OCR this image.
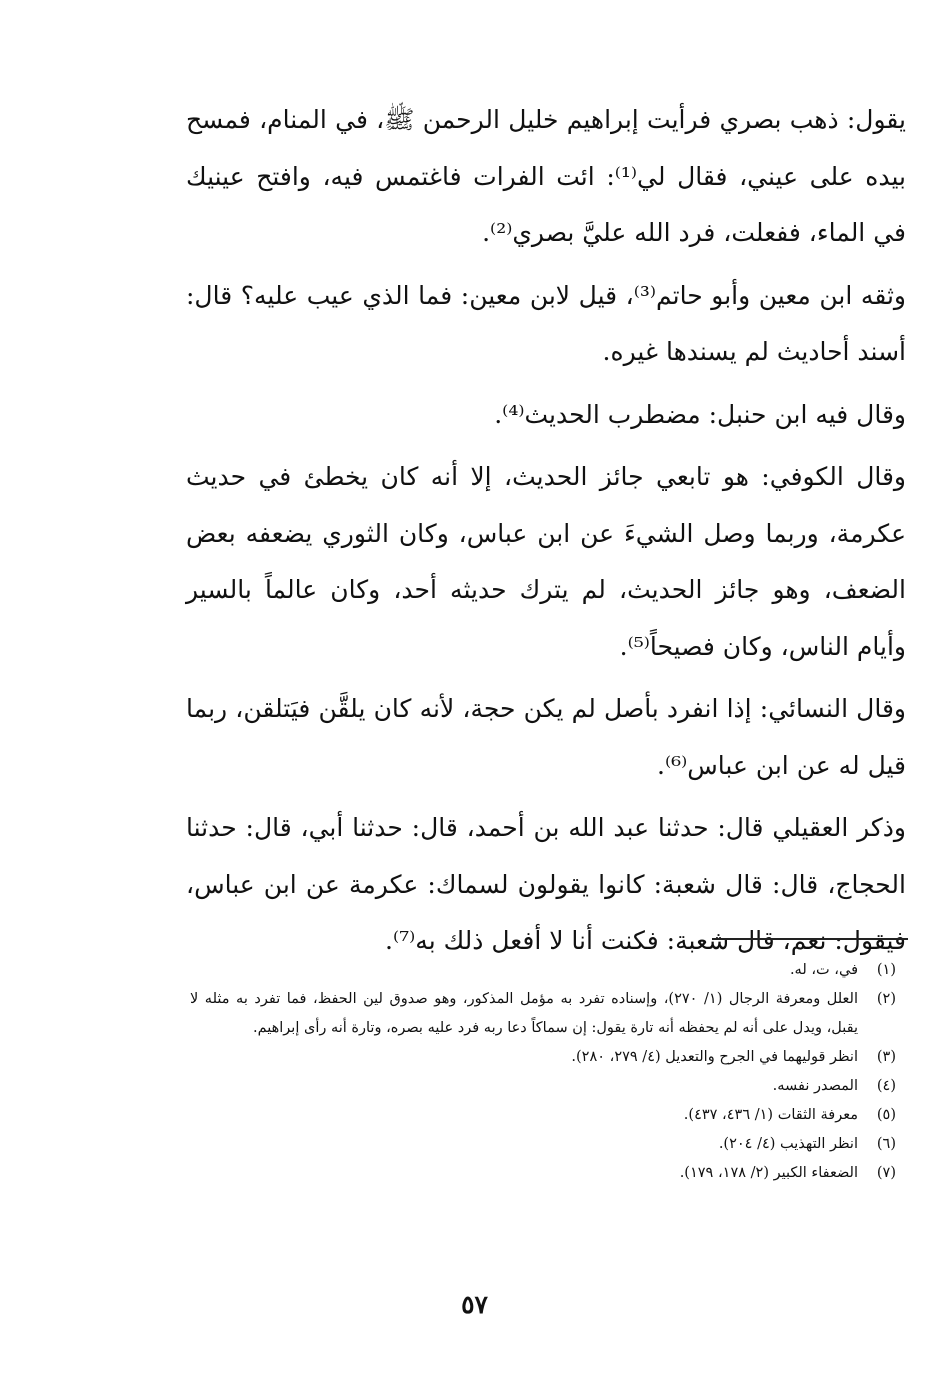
يقول: ذهب بصري فرأيت إبراهيم خليل الرحمن ﷺ، في المنام، فمسح بيده على عيني، فقال لي⁽¹⁾: ائت الفرات فاغتمس فيه، وافتح عينيك في الماء، ففعلت، فرد الله عليَّ بصري⁽²⁾.

وثقه ابن معين وأبو حاتم⁽³⁾، قيل لابن معين: فما الذي عيب عليه؟ قال: أسند أحاديث لم يسندها غيره.

وقال فيه ابن حنبل: مضطرب الحديث⁽⁴⁾.

وقال الكوفي: هو تابعي جائز الحديث، إلا أنه كان يخطئ في حديث عكرمة، وربما وصل الشيءَ عن ابن عباس، وكان الثوري يضعفه بعض الضعف، وهو جائز الحديث، لم يترك حديثه أحد، وكان عالماً بالسير وأيام الناس، وكان فصيحاً⁽⁵⁾.

وقال النسائي: إذا انفرد بأصل لم يكن حجة، لأنه كان يلقَّن فيَتلقن، ربما قيل له عن ابن عباس⁽⁶⁾.

وذكر العقيلي قال: حدثنا عبد الله بن أحمد، قال: حدثنا أبي، قال: حدثنا الحجاج، قال: قال شعبة: كانوا يقولون لسماك: عكرمة عن ابن عباس، فيقول: نعم، قال شعبة: فكنت أنا لا أفعل ذلك به⁽⁷⁾.

(١)
في، ت، له.
(٢)
العلل ومعرفة الرجال (١/ ٢٧٠)، وإسناده تفرد به مؤمل المذكور، وهو صدوق لين الحفظ، فما تفرد به مثله لا يقبل، ويدل على أنه لم يحفظه أنه تارة يقول: إن سماكاً دعا ربه فرد عليه بصره، وتارة أنه رأى إبراهيم.
(٣)
انظر قوليهما في الجرح والتعديل (٤/ ٢٧٩، ٢٨٠).
(٤)
المصدر نفسه.
(٥)
معرفة الثقات (١/ ٤٣٦، ٤٣٧).
(٦)
انظر التهذيب (٤/ ٢٠٤).
(٧)
الضعفاء الكبير (٢/ ١٧٨، ١٧٩).
٥٧
